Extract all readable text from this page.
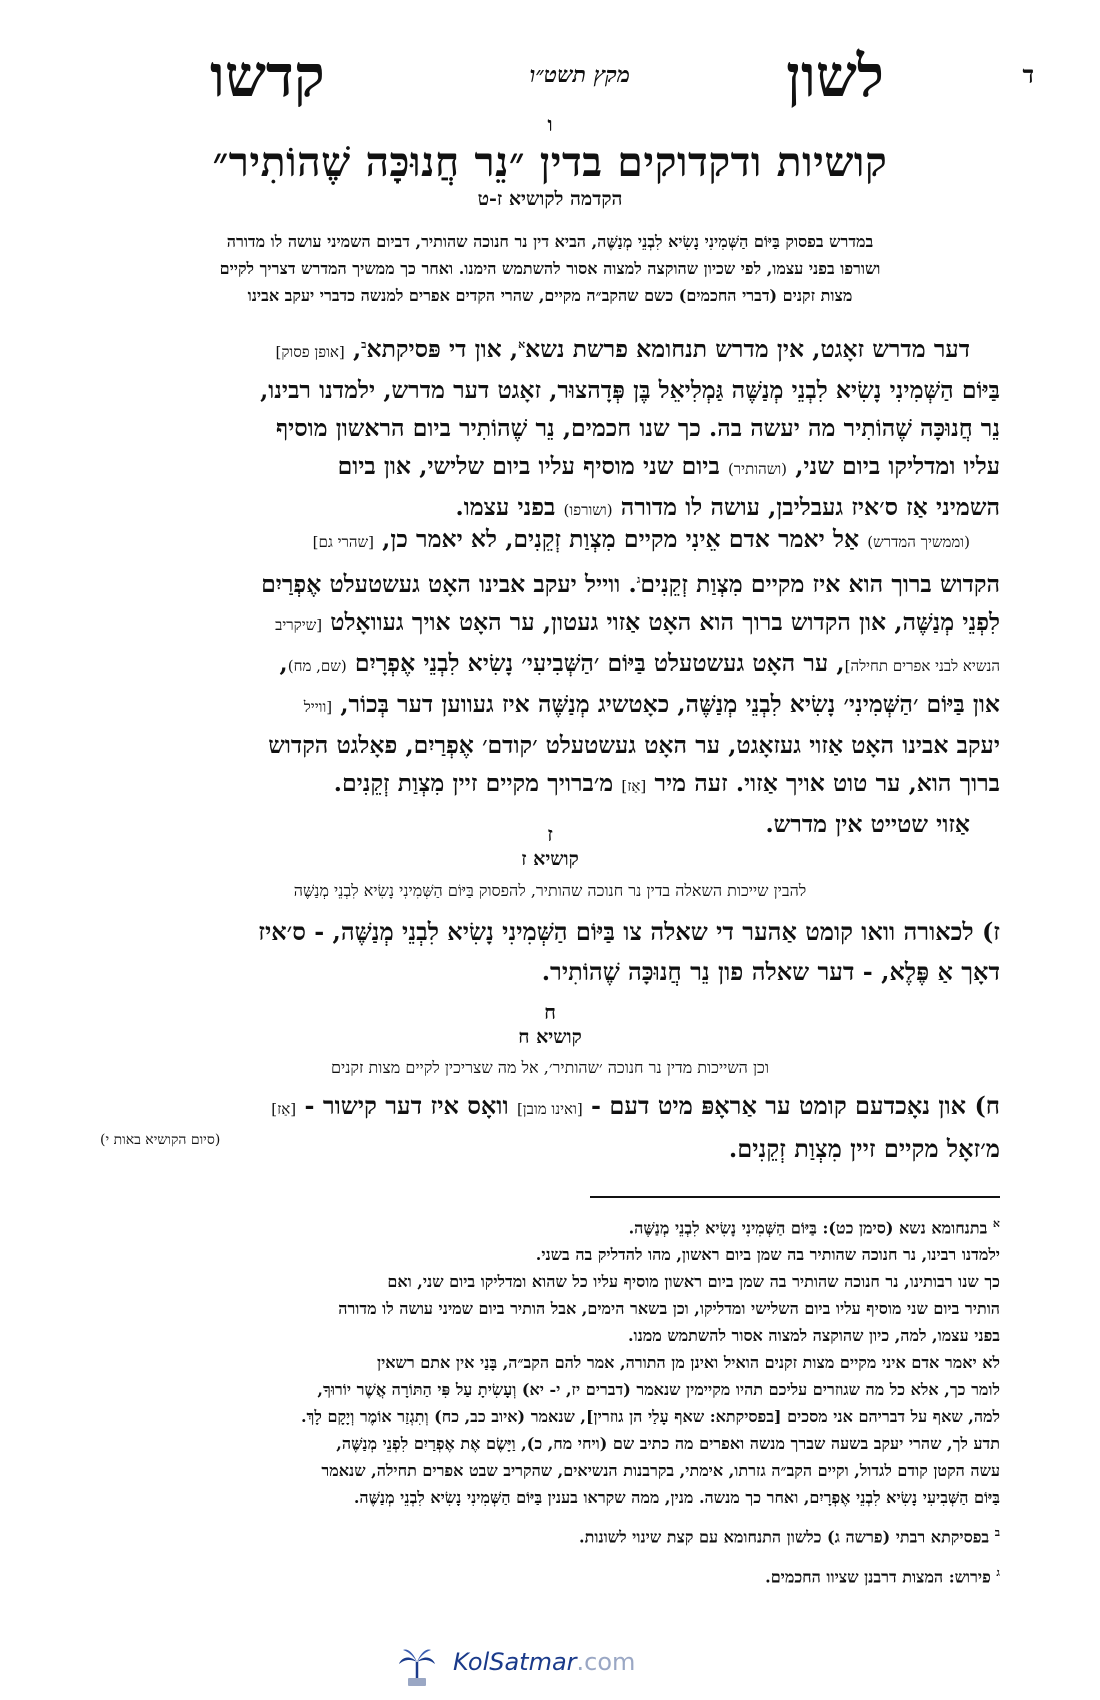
ד
לשון
מקץ תשט״ו
קדשו
ו
קושיות ודקדוקים בדין ״נֵר חֲנוּכָּה שֶׁהוֹתִיר״
הקדמה לקושיא ז-ט
במדרש בפסוק בַּיּוֹם הַשְּׁמִינִי נָשִׂיא לִבְנֵי מְנַשֶּׁה, הביא דין נר חנוכה שהותיר, דביום השמיני עושה לו מדורה
ושורפו בפני עצמו, לפי שכיון שהוקצה למצוה אסור להשתמש הימנו. ואחר כך ממשיך המדרש דצריך לקיים
מצות זקנים (דברי החכמים) כשם שהקב״ה מקיים, שהרי הקדים אפרים למנשה כדברי יעקב אבינו
דער מדרש זאָגט, אין מדרש תנחומא פרשת נשא$^א$, און די פּסיקתא$^ב$, [אופן פסוק]
בַּיּוֹם הַשְּׁמִינִי נָשִׂיא לִבְנֵי מְנַשֶּׁה גַּמְלִיאֵל בֶּן פְּדָהצוּר, זאָגט דער מדרש, ילמדנו רבינו,
נֵר חֲנוּכָּה שֶׁהוֹתִיר מה יעשה בה. כך שנו חכמים, נֵר שֶׁהוֹתִיר ביום הראשון מוסיף
עליו ומדליקו ביום שני, (ושהותיר) ביום שני מוסיף עליו ביום שלישי, און ביום
השמיני אַז ס׳איז געבליבן, עושה לו מדורה (ושורפו) בפני עצמו.
(וממשיך המדרש) אַל יאמר אדם אֵינִי מקיים מִצְוַת זְקֵנִים, לא יאמר כן, [שהרי גם]
הקדוש ברוך הוא איז מקיים מִצְוַת זְקֵנִים$^ג$. ווייל יעקב אבינו האָט געשטעלט אֶפְרַיִם
לִפְנֵי מְנַשֶּׁה, און הקדוש ברוך הוא האָט אַזוי געטון, ער האָט אויך געוואָלט [שיקריב
הנשיא לבני אפרים תחילה], ער האָט געשטעלט בַּיּוֹם ׳הַשְּׁבִיעִי׳ נָשִׂיא לִבְנֵי אֶפְרָיִם (שם, מח),
און בַּיּוֹם ׳הַשְּׁמִינִי׳ נָשִׂיא לִבְנֵי מְנַשֶּׁה, כאָטשיג מְנַשֶּׁה איז געווען דער בְּכוֹר, [ווייל
יעקב אבינו האָט אַזוי געזאָגט, ער האָט געשטעלט ׳קודם׳ אֶפְרַיִם, פאָלגט הקדוש
ברוך הוא, ער טוט אויך אַזוי. זעה מיר [אַז] מ׳ברויך מקיים זיין מִצְוַת זְקֵנִים.
אַזוי שטייט אין מדרש.
ז
קושיא ז
להבין שייכות השאלה בדין נר חנוכה שהותיר, להפסוק בַּיּוֹם הַשְּׁמִינִי נָשִׂיא לִבְנֵי מְנַשֶּׁה
ז) לכאורה וואו קומט אַהער די שאלה צו בַּיּוֹם הַשְּׁמִינִי נָשִׂיא לִבְנֵי מְנַשֶּׁה, - ס׳איז
דאָך אַ פֶּלֶא, - דער שאלה פון נֵר חֲנוּכָּה שֶׁהוֹתִיר.
ח
קושיא ח
וכן השייכות מדין נר חנוכה ׳שהותיר׳, אל מה שצריכין לקיים מצות זקנים
ח) און נאָכדעם קומט ער אַראָפּ מיט דעם - [ואינו מובן] וואָס איז דער קישור - [אַז]
מ׳זאָל מקיים זיין מִצְוַת זְקֵנִים.
(סיום הקושיא באות י)

$^א$ בתנחומא נשא (סימן כט): בַּיּוֹם הַשְּׁמִינִי נָשִׂיא לִבְנֵי מְנַשֶּׁה.

ילמדנו רבינו, נר חנוכה שהותיר בה שמן ביום ראשון, מהו להדליק בה בשני.

כך שנו רבותינו, נר חנוכה שהותיר בה שמן ביום ראשון מוסיף עליו כל שהוא ומדליקו ביום שני, ואם

הותיר ביום שני מוסיף עליו ביום השלישי ומדליקו, וכן בשאר הימים, אבל הותיר ביום שמיני עושה לו מדורה

בפני עצמו, למה, כיון שהוקצה למצוה אסור להשתמש ממנו.

לא יאמר אדם איני מקיים מצות זקנים הואיל ואינן מן התורה, אמר להם הקב״ה, בָּנַי אין אתם רשאין

לומר כך, אלא כל מה שגוזרים עליכם תהיו מקיימין שנאמר (דברים יז, י- יא) וְעָשִׂיתָ עַל פִּי הַתּוֹרָה אֲשֶׁר יוֹרוּךָ,

למה, שאף על דבריהם אני מסכים [בפסיקתא: שאף עָלַי הן גוזרין], שנאמר (איוב כב, כח) וְתִגְזַר אוֹמֶר וְיָקָם לָךְ.

תדע לך, שהרי יעקב בשעה שברך מנשה ואפרים מה כתיב שם (ויחי מח, כ), וַיָּשֶׂם אֶת אֶפְרַיִם לִפְנֵי מְנַשֶּׁה,

עשה הקטן קודם לגדול, וקיים הקב״ה גזרתו, אימתי, בקרבנות הנשיאים, שהקריב שבט אפרים תחילה, שנאמר

בַּיּוֹם הַשְּׁבִיעִי נָשִׂיא לִבְנֵי אֶפְרָיִם, ואחר כך מנשה. מנין, ממה שקראו בענין בַּיּוֹם הַשְּׁמִינִי נָשִׂיא לִבְנֵי מְנַשֶּׁה.

$^ב$ בפסיקתא רבתי (פרשה ג) כלשון התנחומא עם קצת שינוי לשונות.

$^ג$ פירוש: המצות דרבנן שציוו החכמים.

KolSatmar.com
